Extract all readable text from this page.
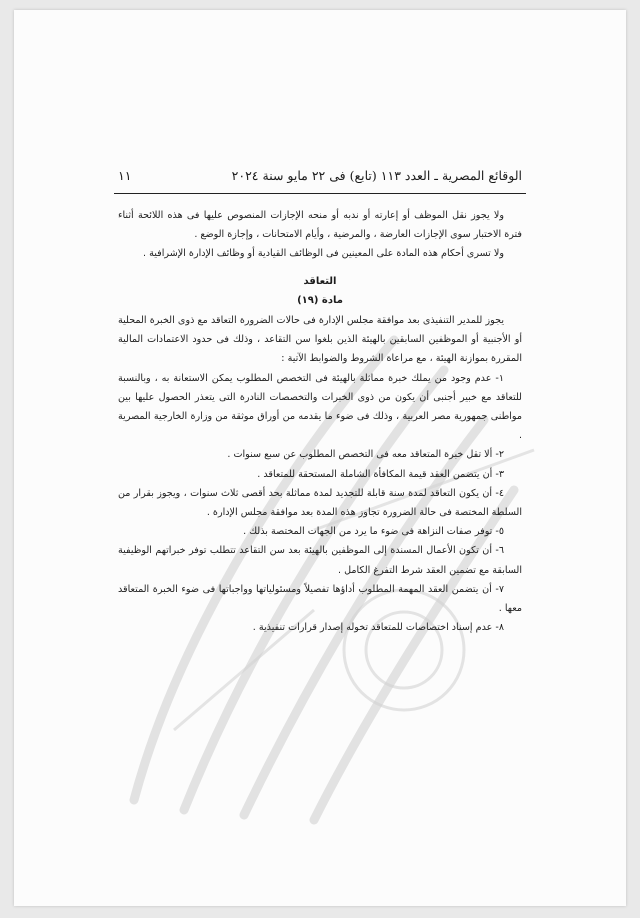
الوقائع المصرية ـ العدد ١١٣ (تابع) فى ٢٢ مايو سنة ٢٠٢٤
١١

ولا يجوز نقل الموظف أو إعارته أو ندبه أو منحه الإجازات المنصوص عليها فى هذه اللائحة أثناء فترة الاختبار سوى الإجازات العارضة ، والمرضية ، وأيام الامتحانات ، وإجازة الوضع .

ولا تسرى أحكام هذه المادة على المعينين فى الوظائف القيادية أو وظائف الإدارة الإشرافية .

التعاقد

مادة (١٩)

يجوز للمدير التنفيذى بعد موافقة مجلس الإدارة فى حالات الضرورة التعاقد مع ذوى الخبرة المحلية أو الأجنبية أو الموظفين السابقين بالهيئة الذين بلغوا سن التقاعد ، وذلك فى حدود الاعتمادات المالية المقررة بموازنة الهيئة ، مع مراعاة الشروط والضوابط الآتية :

١- عدم وجود من يملك خبرة مماثلة بالهيئة فى التخصص المطلوب يمكن الاستعانة به ، وبالنسبة للتعاقد مع خبير أجنبى أن يكون من ذوى الخبرات والتخصصات النادرة التى يتعذر الحصول عليها بين مواطنى جمهورية مصر العربية ، وذلك فى ضوء ما يقدمه من أوراق موثقة من وزارة الخارجية المصرية .

٢- ألا تقل خبرة المتعاقد معه فى التخصص المطلوب عن سبع سنوات .

٣- أن يتضمن العقد قيمة المكافأة الشاملة المستحقة للمتعاقد .

٤- أن يكون التعاقد لمدة سنة قابلة للتجديد لمدة مماثلة بحد أقصى ثلاث سنوات ، ويجوز بقرار من السلطة المختصة فى حالة الضرورة تجاوز هذه المدة بعد موافقة مجلس الإدارة .

٥- توفر صفات النزاهة فى ضوء ما يرد من الجهات المختصة بذلك .

٦- أن تكون الأعمال المسندة إلى الموظفين بالهيئة بعد سن التقاعد تتطلب توفر خبراتهم الوظيفية السابقة مع تضمين العقد شرط التفرغ الكامل .

٧- أن يتضمن العقد المهمة المطلوب أداؤها تفصيلاً ومسئولياتها وواجباتها فى ضوء الخبرة المتعاقد معها .

٨- عدم إسناد اختصاصات للمتعاقد تخوله إصدار قرارات تنفيذية .
